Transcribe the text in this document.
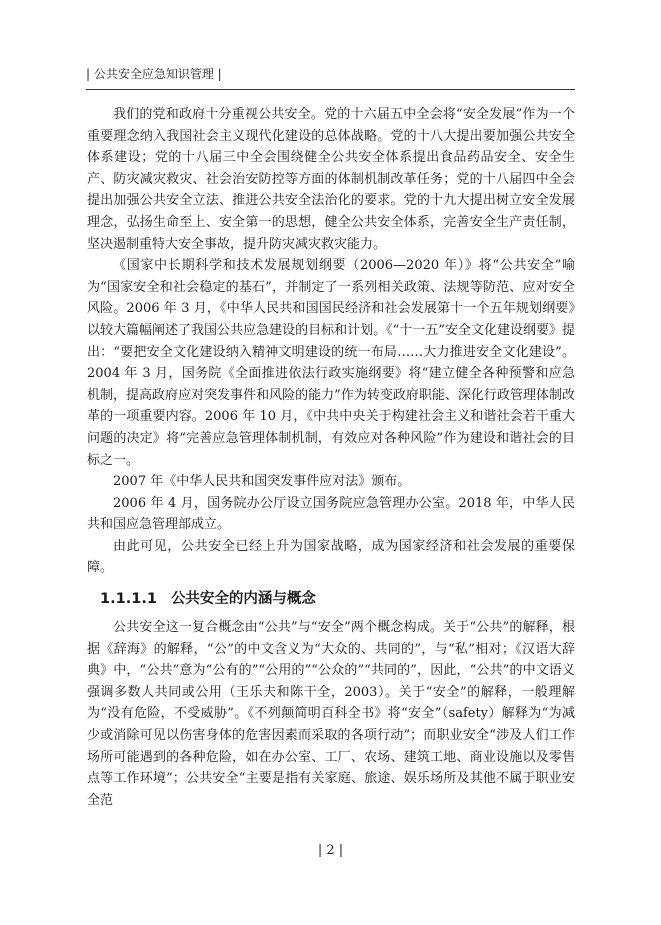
| 公共安全应急知识管理 |

我们的党和政府十分重视公共安全。党的十六届五中全会将“安全发展”作为一个重要理念纳入我国社会主义现代化建设的总体战略。党的十八大提出要加强公共安全体系建设；党的十八届三中全会围绕健全公共安全体系提出食品药品安全、安全生产、防灾减灾救灾、社会治安防控等方面的体制机制改革任务；党的十八届四中全会提出加强公共安全立法、推进公共安全法治化的要求。党的十九大提出树立安全发展理念，弘扬生命至上、安全第一的思想，健全公共安全体系，完善安全生产责任制，坚决遏制重特大安全事故，提升防灾减灾救灾能力。

《国家中长期科学和技术发展规划纲要（2006—2020 年）》将“公共安全”喻为“国家安全和社会稳定的基石”，并制定了一系列相关政策、法规等防范、应对安全风险。2006 年 3 月，《中华人民共和国国民经济和社会发展第十一个五年规划纲要》以较大篇幅阐述了我国公共应急建设的目标和计划。《“十一五”安全文化建设纲要》提出：“要把安全文化建设纳入精神文明建设的统一布局……大力推进安全文化建设”。2004 年 3 月，国务院《全面推进依法行政实施纲要》将“建立健全各种预警和应急机制，提高政府应对突发事件和风险的能力”作为转变政府职能、深化行政管理体制改革的一项重要内容。2006 年 10 月，《中共中央关于构建社会主义和谐社会若干重大问题的决定》将“完善应急管理体制机制，有效应对各种风险”作为建设和谐社会的目标之一。

2007 年《中华人民共和国突发事件应对法》颁布。

2006 年 4 月，国务院办公厅设立国务院应急管理办公室。2018 年，中华人民共和国应急管理部成立。

由此可见，公共安全已经上升为国家战略，成为国家经济和社会发展的重要保障。

1.1.1.1 公共安全的内涵与概念

公共安全这一复合概念由“公共”与“安全”两个概念构成。关于“公共”的解释，根据《辞海》的解释，“公”的中文含义为“大众的、共同的”，与“私”相对；《汉语大辞典》中，“公共”意为“公有的”“公用的”“公众的”“共同的”，因此，“公共”的中文语义强调多数人共同或公用（王乐夫和陈干全，2003）。关于“安全”的解释，一般理解为“没有危险，不受威胁”。《不列颠简明百科全书》将“安全”（safety）解释为“为减少或消除可见以伤害身体的危害因素而采取的各项行动”；而职业安全“涉及人们工作场所可能遇到的各种危险，如在办公室、工厂、农场、建筑工地、商业设施以及零售点等工作环境”；公共安全“主要是指有关家庭、旅途、娱乐场所及其他不属于职业安全范

| 2 |
